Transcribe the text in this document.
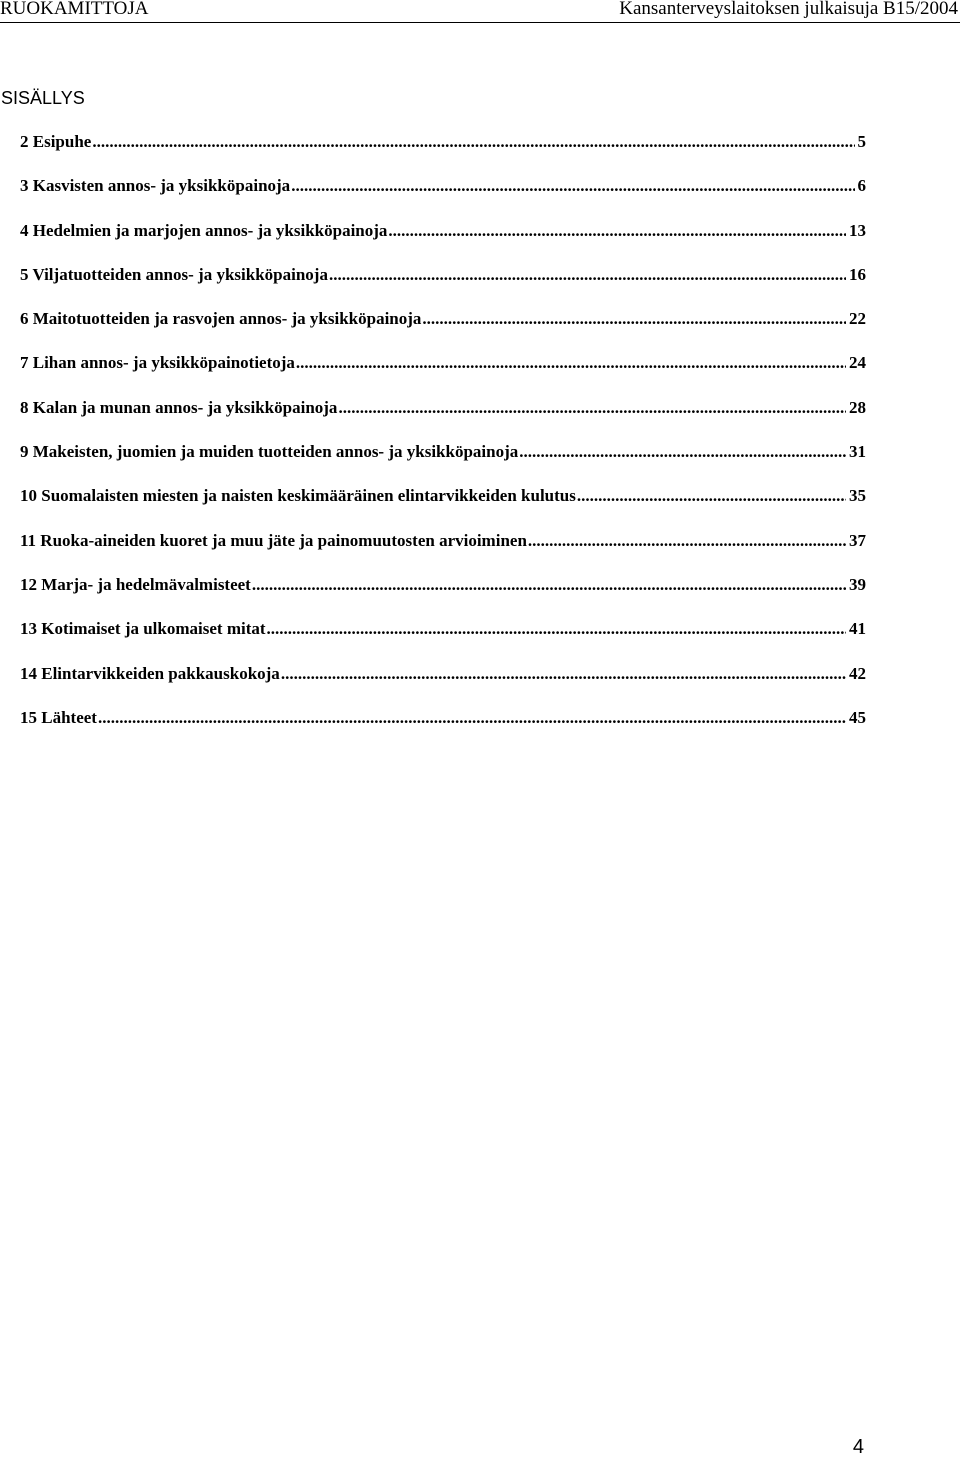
RUOKAMITTOJA	Kansanterveyslaitoksen julkaisuja B15/2004
SISÄLLYS
2 Esipuhe .....	5
3 Kasvisten annos- ja yksikköpainoja .....	6
4 Hedelmien ja marjojen annos- ja yksikköpainoja .....	13
5 Viljatuotteiden annos- ja yksikköpainoja .....	16
6 Maitotuotteiden ja rasvojen annos- ja yksikköpainoja .....	22
7 Lihan annos- ja yksikköpainotietoja .....	24
8 Kalan ja munan annos- ja yksikköpainoja .....	28
9 Makeisten, juomien ja muiden tuotteiden annos- ja yksikköpainoja .....	31
10 Suomalaisten miesten ja naisten keskimääräinen elintarvikkeiden kulutus .....	35
11 Ruoka-aineiden kuoret ja muu jäte ja painomuutosten arvioiminen .....	37
12 Marja- ja hedelmävalmisteet .....	39
13 Kotimaiset ja ulkomaiset mitat .....	41
14 Elintarvikkeiden pakkauskokoja .....	42
15 Lähteet .....	45
4
